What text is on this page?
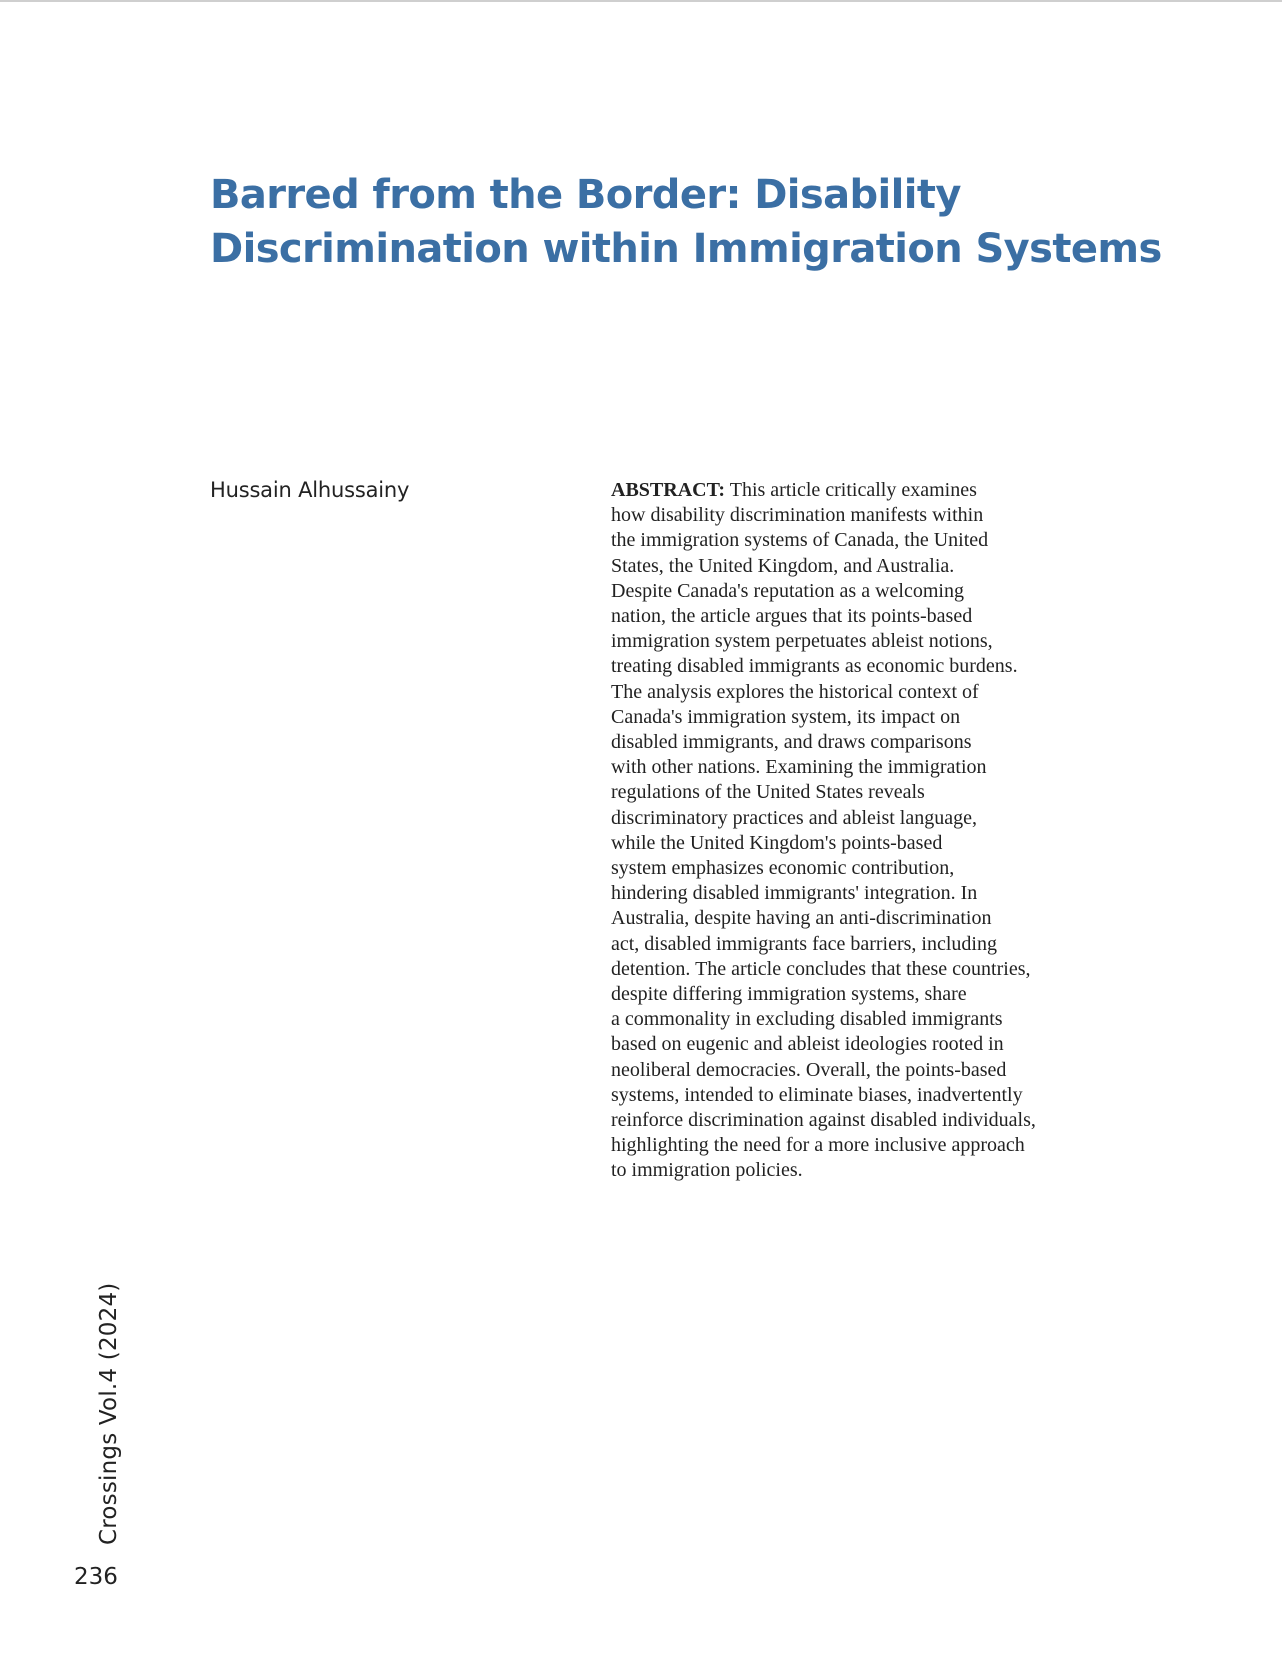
Barred from the Border: Disability
Discrimination within Immigration Systems
Hussain Alhussainy	ABSTRACT: This article critically examines
how disability discrimination manifests within
the immigration systems of Canada, the United
States, the United Kingdom, and Australia.
Despite Canada's reputation as a welcoming
nation, the article argues that its points-based
immigration system perpetuates ableist notions,
treating disabled immigrants as economic burdens.
The analysis explores the historical context of
Canada's immigration system, its impact on
disabled immigrants, and draws comparisons
with other nations. Examining the immigration
regulations of the United States reveals
discriminatory practices and ableist language,
while the United Kingdom's points-based
system emphasizes economic contribution,
hindering disabled immigrants' integration. In
Australia, despite having an anti-discrimination
act, disabled immigrants face barriers, including
detention. The article concludes that these countries,
despite differing immigration systems, share
a commonality in excluding disabled immigrants
based on eugenic and ableist ideologies rooted in
neoliberal democracies. Overall, the points-based
systems, intended to eliminate biases, inadvertently
reinforce discrimination against disabled individuals,
highlighting the need for a more inclusive approach
to immigration policies.
Crossings Vol.4 (2024)
236
